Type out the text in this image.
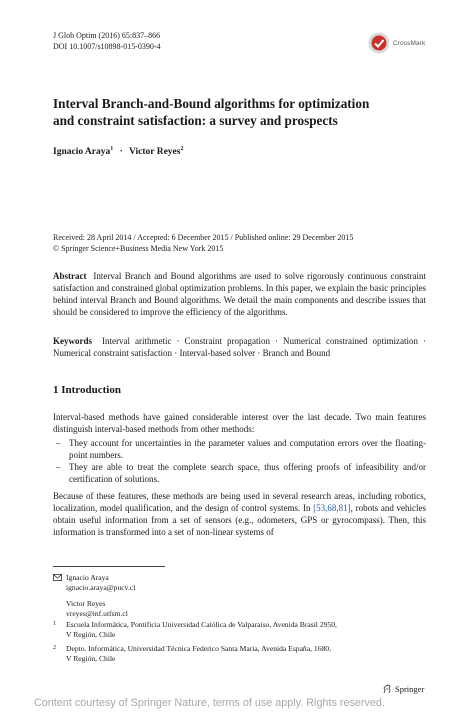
J Glob Optim (2016) 65:837–866
DOI 10.1007/s10898-015-0390-4	CrossMark
Interval Branch-and-Bound algorithms for optimization
and constraint satisfaction: a survey and prospects
Ignacio Araya$^1$ · Victor Reyes$^2$
Received: 28 April 2014 / Accepted: 6 December 2015 / Published online: 29 December 2015
© Springer Science+Business Media New York 2015
Abstract Interval Branch and Bound algorithms are used to solve rigorously continuous constraint satisfaction and constrained global optimization problems. In this paper, we explain the basic principles behind interval Branch and Bound algorithms. We detail the main components and describe issues that should be considered to improve the efficiency of the algorithms.
Keywords Interval arithmetic · Constraint propagation · Numerical constrained optimization · Numerical constraint satisfaction · Interval-based solver · Branch and Bound
1 Introduction
Interval-based methods have gained considerable interest over the last decade. Two main features distinguish interval-based methods from other methods:
– They account for uncertainties in the parameter values and computation errors over the floating-point numbers.
– They are able to treat the complete search space, thus offering proofs of infeasibility and/or certification of solutions.
Because of these features, these methods are being used in several research areas, including robotics, localization, model qualification, and the design of control systems. In [53,68,81], robots and vehicles obtain useful information from a set of sensors (e.g., odometers, GPS or gyrocompass). Then, this information is transformed into a set of non-linear systems of
Ignacio Araya
ignacio.araya@pucv.cl
Victor Reyes
vreyes@inf.utfsm.cl
1 Escuela Informática, Pontificia Universidad Católica de Valparaíso, Avenida Brasil 2950,
V Región, Chile
2 Depto. Informática, Universidad Técnica Federico Santa María, Avenida España, 1680,
V Región, Chile
Springer
Content courtesy of Springer Nature, terms of use apply. Rights reserved.
